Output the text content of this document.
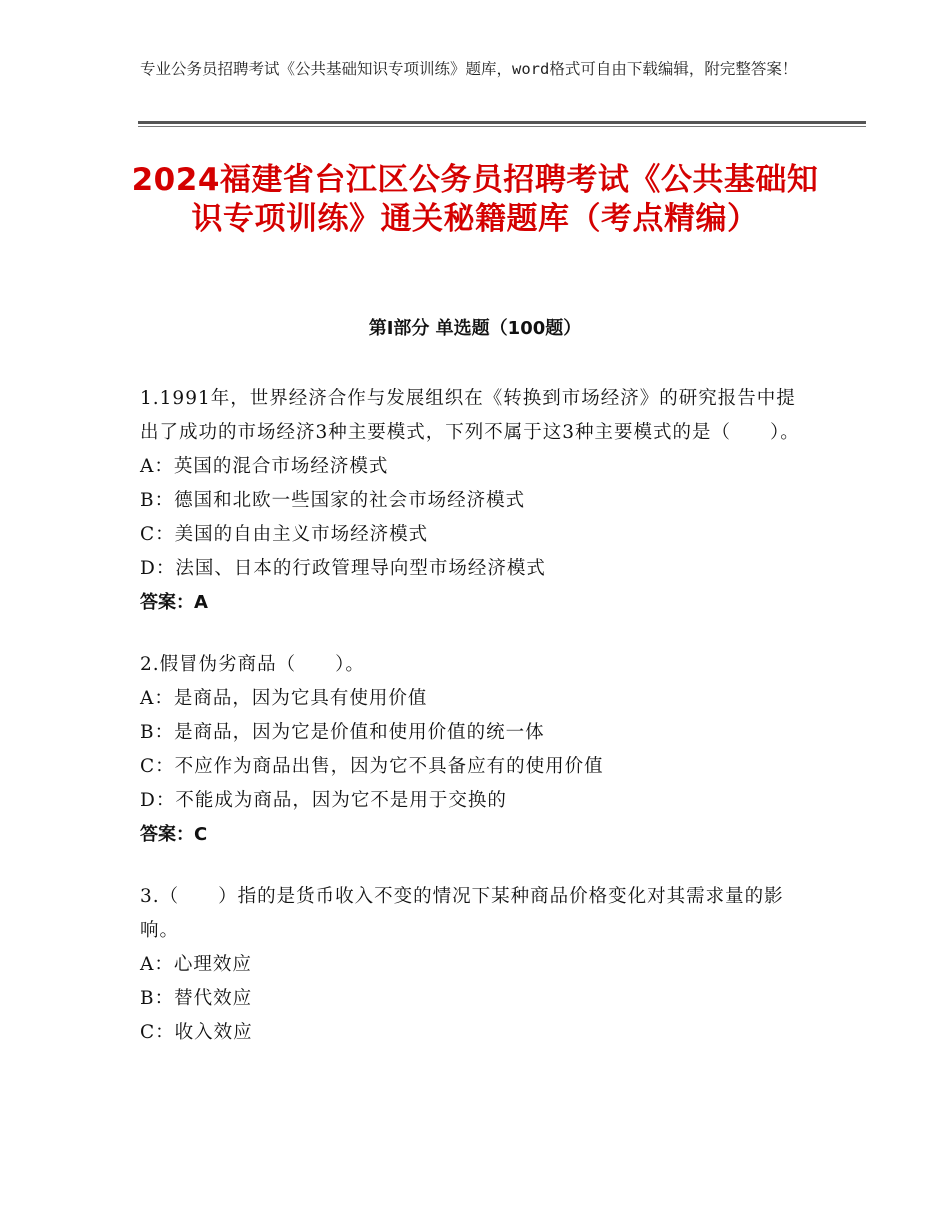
专业公务员招聘考试《公共基础知识专项训练》题库，word格式可自由下载编辑，附完整答案！
2024福建省台江区公务员招聘考试《公共基础知识专项训练》通关秘籍题库（考点精编）
第I部分 单选题（100题）
1.1991年，世界经济合作与发展组织在《转换到市场经济》的研究报告中提出了成功的市场经济3种主要模式，下列不属于这3种主要模式的是（　　）。
A：英国的混合市场经济模式
B：德国和北欧一些国家的社会市场经济模式
C：美国的自由主义市场经济模式
D：法国、日本的行政管理导向型市场经济模式
答案：A
2.假冒伪劣商品（　　）。
A：是商品，因为它具有使用价值
B：是商品，因为它是价值和使用价值的统一体
C：不应作为商品出售，因为它不具备应有的使用价值
D：不能成为商品，因为它不是用于交换的
答案：C
3.（　　）指的是货币收入不变的情况下某种商品价格变化对其需求量的影响。
A：心理效应
B：替代效应
C：收入效应
